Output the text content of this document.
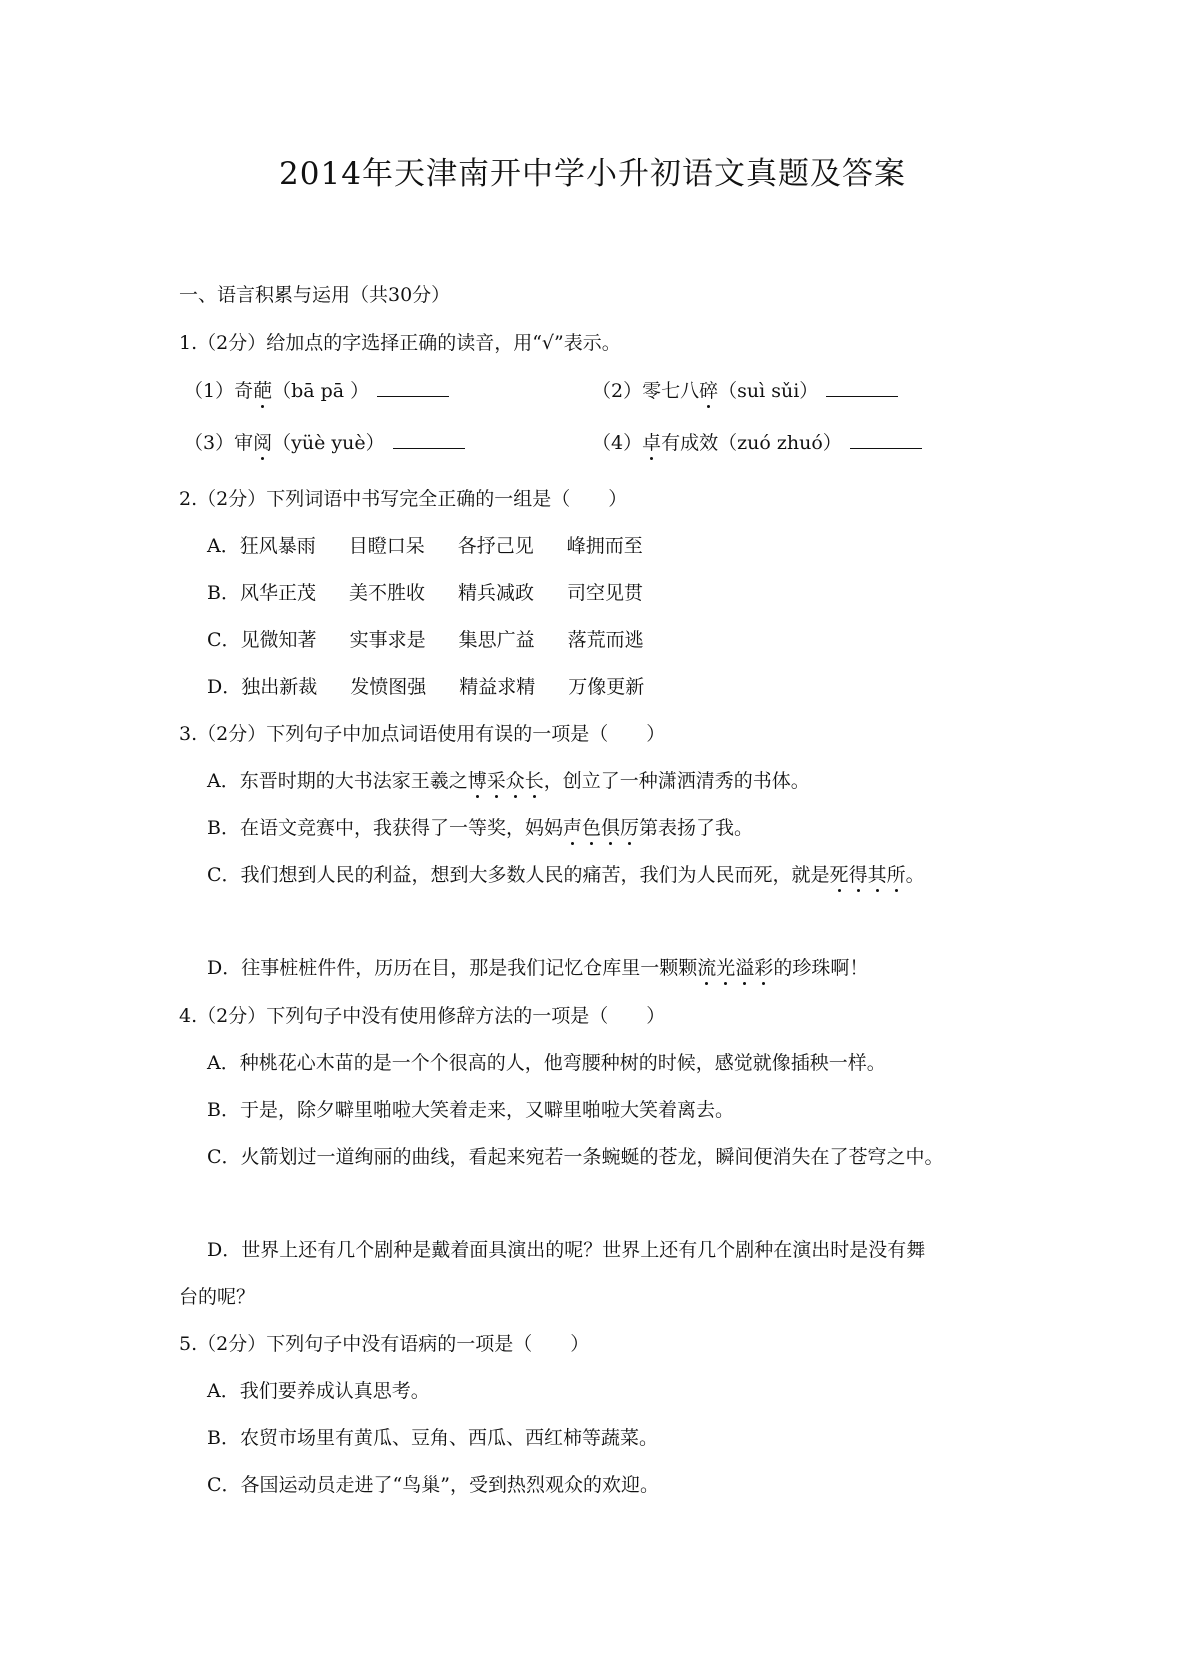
2014年天津南开中学小升初语文真题及答案
一、语言积累与运用（共30分）
1.（2分）给加点的字选择正确的读音，用“√”表示。
（1）奇葩（bā pā ）	（2）零七八碎（suì sǔi）
（3）审阅（yüè yuè）	（4）卓有成效（zuó zhuó）
2.（2分）下列词语中书写完全正确的一组是（　　）
A．狂风暴雨 目瞪口呆 各抒己见 峰拥而至
B．风华正茂 美不胜收 精兵减政 司空见贯
C．见微知著 实事求是 集思广益 落荒而逃
D．独出新裁 发愤图强 精益求精 万像更新
3.（2分）下列句子中加点词语使用有误的一项是（　　）
A．东晋时期的大书法家王羲之博采众长，创立了一种潇洒清秀的书体。
B．在语文竞赛中，我获得了一等奖，妈妈声色俱厉第表扬了我。
C．我们想到人民的利益，想到大多数人民的痛苦，我们为人民而死，就是死得其所。
D．往事桩桩件件，历历在目，那是我们记忆仓库里一颗颗流光溢彩的珍珠啊！
4.（2分）下列句子中没有使用修辞方法的一项是（　　）
A．种桃花心木苗的是一个个很高的人，他弯腰种树的时候，感觉就像插秧一样。
B．于是，除夕噼里啪啦大笑着走来，又噼里啪啦大笑着离去。
C．火箭划过一道绚丽的曲线，看起来宛若一条蜿蜒的苍龙，瞬间便消失在了苍穹之中。
D．世界上还有几个剧种是戴着面具演出的呢？世界上还有几个剧种在演出时是没有舞
台的呢？
5.（2分）下列句子中没有语病的一项是（　　）
A．我们要养成认真思考。
B．农贸市场里有黄瓜、豆角、西瓜、西红柿等蔬菜。
C．各国运动员走进了“鸟巢”，受到热烈观众的欢迎。
